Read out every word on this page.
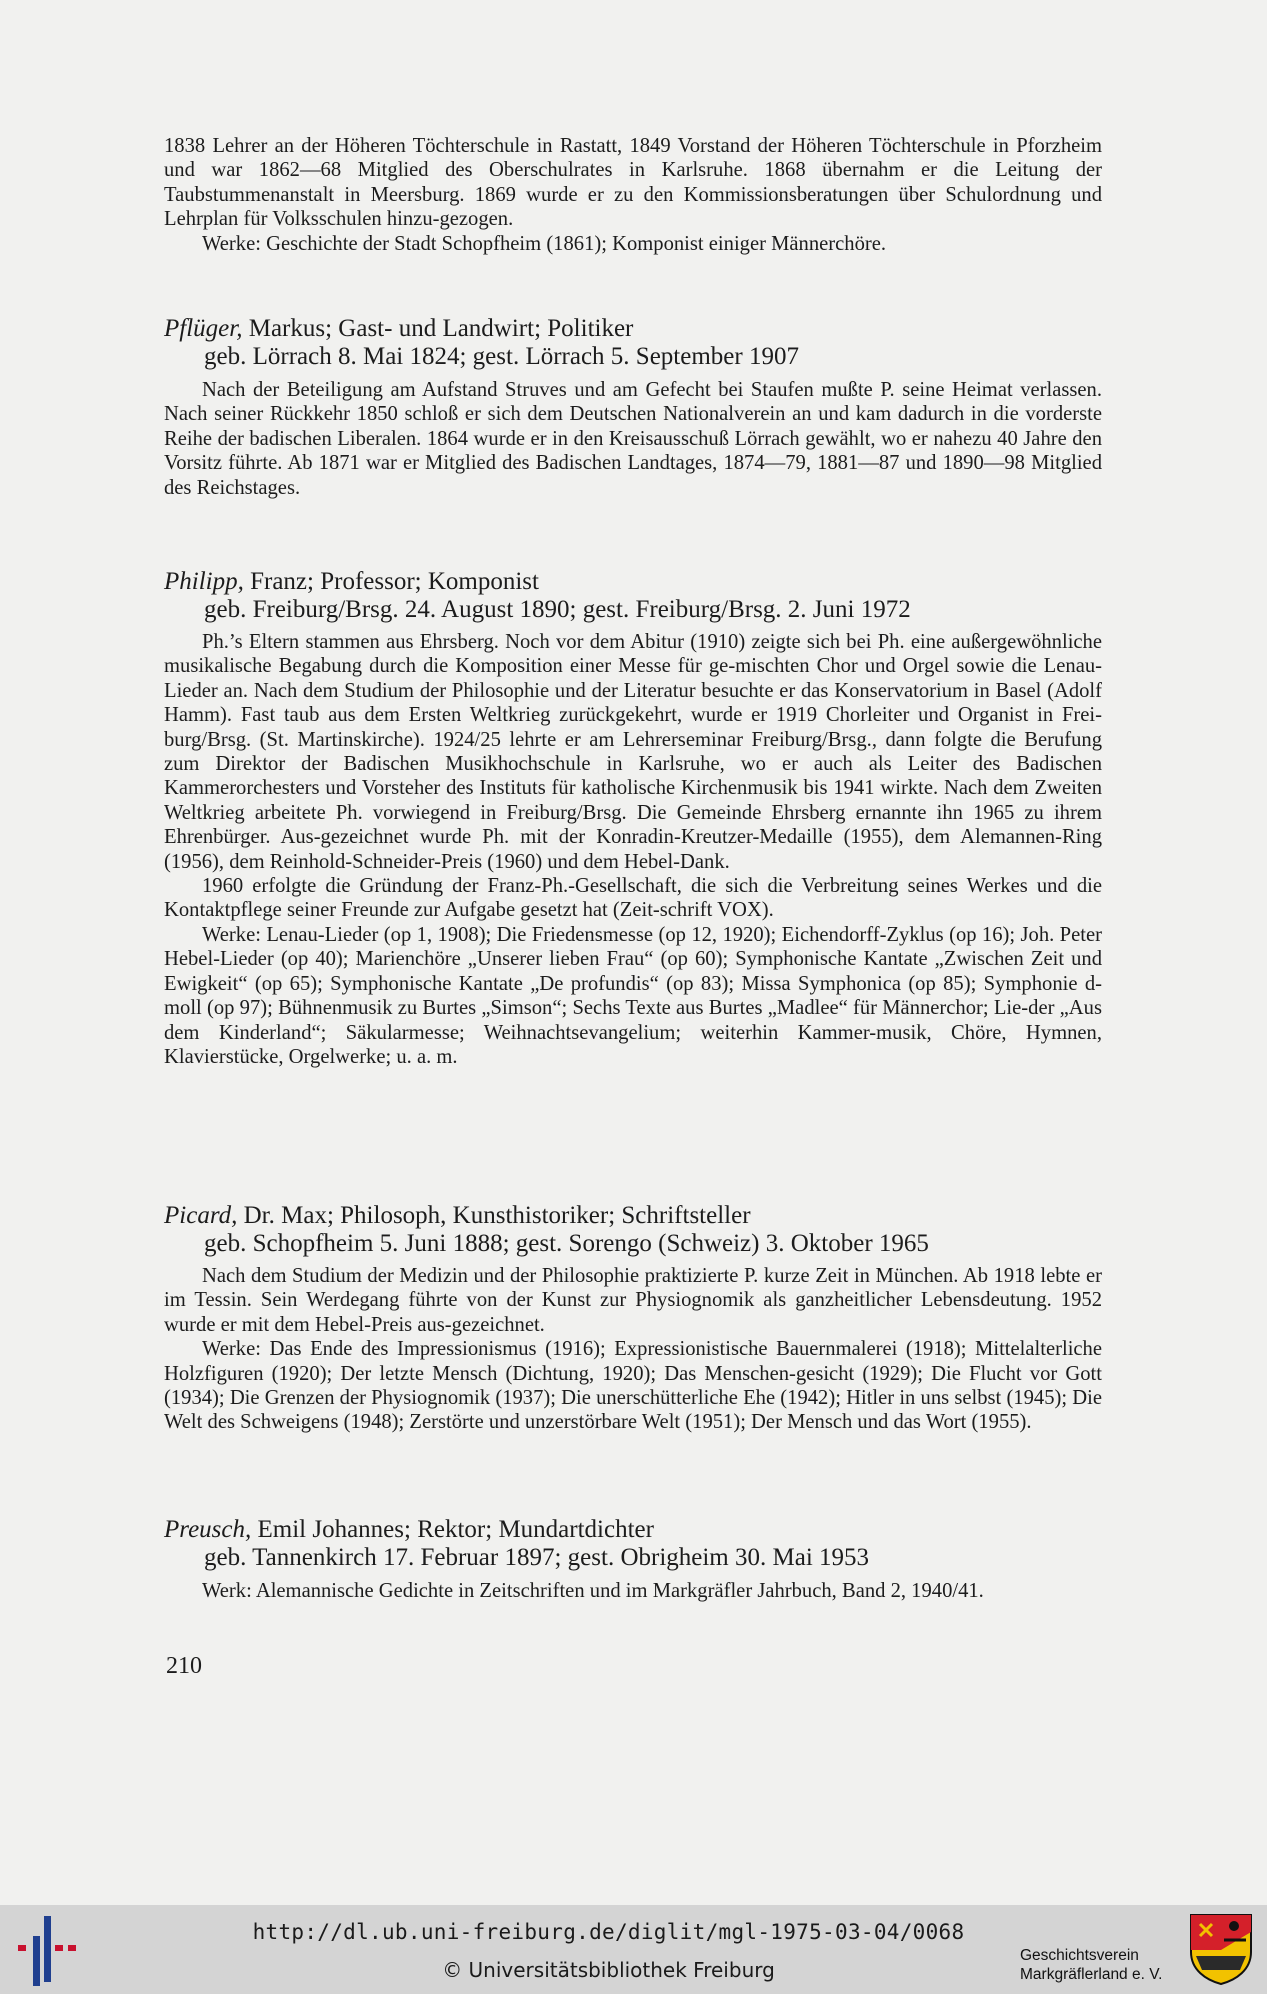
1838 Lehrer an der Höheren Töchterschule in Rastatt, 1849 Vorstand der Höheren Töchterschule in Pforzheim und war 1862—68 Mitglied des Oberschulrates in Karlsruhe. 1868 übernahm er die Leitung der Taubstummenanstalt in Meersburg. 1869 wurde er zu den Kommissionsberatungen über Schulordnung und Lehrplan für Volksschulen hinzu-gezogen.

Werke: Geschichte der Stadt Schopfheim (1861); Komponist einiger Männerchöre.

Pflüger, Markus; Gast- und Landwirt; Politiker
geb. Lörrach 8. Mai 1824; gest. Lörrach 5. September 1907

Nach der Beteiligung am Aufstand Struves und am Gefecht bei Staufen mußte P. seine Heimat verlassen. Nach seiner Rückkehr 1850 schloß er sich dem Deutschen Nationalverein an und kam dadurch in die vorderste Reihe der badischen Liberalen. 1864 wurde er in den Kreisausschuß Lörrach gewählt, wo er nahezu 40 Jahre den Vorsitz führte. Ab 1871 war er Mitglied des Badischen Landtages, 1874—79, 1881—87 und 1890—98 Mitglied des Reichstages.

Philipp, Franz; Professor; Komponist
geb. Freiburg/Brsg. 24. August 1890; gest. Freiburg/Brsg. 2. Juni 1972

Ph.’s Eltern stammen aus Ehrsberg. Noch vor dem Abitur (1910) zeigte sich bei Ph. eine außergewöhnliche musikalische Begabung durch die Komposition einer Messe für ge-mischten Chor und Orgel sowie die Lenau-Lieder an. Nach dem Studium der Philosophie und der Literatur besuchte er das Konservatorium in Basel (Adolf Hamm). Fast taub aus dem Ersten Weltkrieg zurückgekehrt, wurde er 1919 Chorleiter und Organist in Frei-burg/Brsg. (St. Martinskirche). 1924/25 lehrte er am Lehrerseminar Freiburg/Brsg., dann folgte die Berufung zum Direktor der Badischen Musikhochschule in Karlsruhe, wo er auch als Leiter des Badischen Kammerorchesters und Vorsteher des Instituts für katholische Kirchenmusik bis 1941 wirkte. Nach dem Zweiten Weltkrieg arbeitete Ph. vorwiegend in Freiburg/Brsg. Die Gemeinde Ehrsberg ernannte ihn 1965 zu ihrem Ehrenbürger. Aus-gezeichnet wurde Ph. mit der Konradin-Kreutzer-Medaille (1955), dem Alemannen-Ring (1956), dem Reinhold-Schneider-Preis (1960) und dem Hebel-Dank.

1960 erfolgte die Gründung der Franz-Ph.-Gesellschaft, die sich die Verbreitung seines Werkes und die Kontaktpflege seiner Freunde zur Aufgabe gesetzt hat (Zeit-schrift VOX).

Werke: Lenau-Lieder (op 1, 1908); Die Friedensmesse (op 12, 1920); Eichendorff-Zyklus (op 16); Joh. Peter Hebel-Lieder (op 40); Marienchöre „Unserer lieben Frau“ (op 60); Symphonische Kantate „Zwischen Zeit und Ewigkeit“ (op 65); Symphonische Kantate „De profundis“ (op 83); Missa Symphonica (op 85); Symphonie d-moll (op 97); Bühnenmusik zu Burtes „Simson“; Sechs Texte aus Burtes „Madlee“ für Männerchor; Lie-der „Aus dem Kinderland“; Säkularmesse; Weihnachtsevangelium; weiterhin Kammer-musik, Chöre, Hymnen, Klavierstücke, Orgelwerke; u. a. m.

Picard, Dr. Max; Philosoph, Kunsthistoriker; Schriftsteller
geb. Schopfheim 5. Juni 1888; gest. Sorengo (Schweiz) 3. Oktober 1965

Nach dem Studium der Medizin und der Philosophie praktizierte P. kurze Zeit in München. Ab 1918 lebte er im Tessin. Sein Werdegang führte von der Kunst zur Physiognomik als ganzheitlicher Lebensdeutung. 1952 wurde er mit dem Hebel-Preis aus-gezeichnet.

Werke: Das Ende des Impressionismus (1916); Expressionistische Bauernmalerei (1918); Mittelalterliche Holzfiguren (1920); Der letzte Mensch (Dichtung, 1920); Das Menschen-gesicht (1929); Die Flucht vor Gott (1934); Die Grenzen der Physiognomik (1937); Die unerschütterliche Ehe (1942); Hitler in uns selbst (1945); Die Welt des Schweigens (1948); Zerstörte und unzerstörbare Welt (1951); Der Mensch und das Wort (1955).

Preusch, Emil Johannes; Rektor; Mundartdichter
geb. Tannenkirch 17. Februar 1897; gest. Obrigheim 30. Mai 1953

Werk: Alemannische Gedichte in Zeitschriften und im Markgräfler Jahrbuch, Band 2, 1940/41.

210
http://dl.ub.uni-freiburg.de/diglit/mgl-1975-03-04/0068
© Universitätsbibliothek Freiburg
Geschichtsverein
Markgräflerland e. V.
